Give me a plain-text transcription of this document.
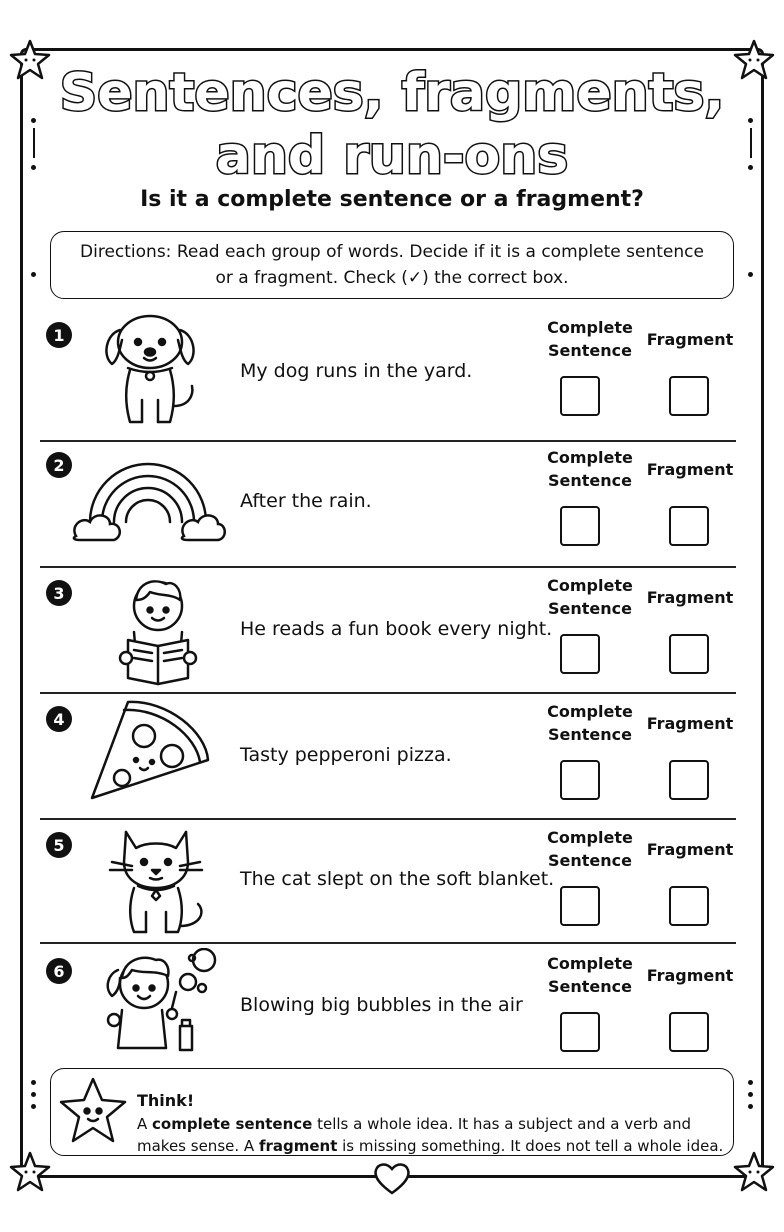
Sentences, fragments,
and run-ons
Is it a complete sentence or a fragment?
Directions: Read each group of words. Decide if it is a complete sentence
or a fragment. Check (✓) the correct box.
1
My dog runs in the yard.
Complete
Sentence
Fragment
2
After the rain.
Complete
Sentence
Fragment
3
He reads a fun book every night.
Complete
Sentence
Fragment
4
Tasty pepperoni pizza.
Complete
Sentence
Fragment
5
The cat slept on the soft blanket.
Complete
Sentence
Fragment
6
Blowing big bubbles in the air
Complete
Sentence
Fragment
Think!
A complete sentence tells a whole idea. It has a subject and a verb and makes sense. A fragment is missing something. It does not tell a whole idea.
